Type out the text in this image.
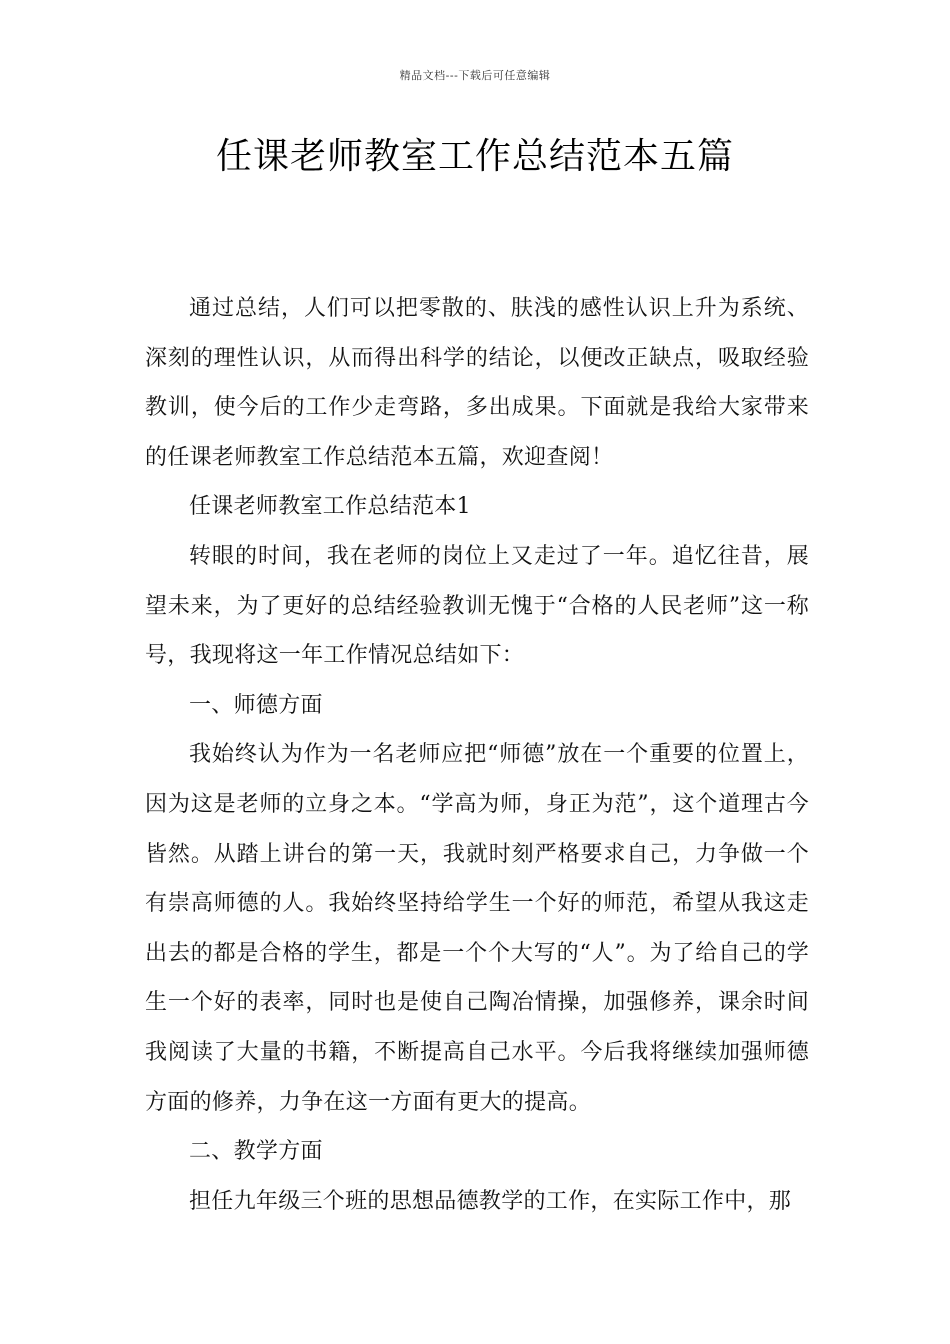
精品文档---下载后可任意编辑
任课老师教室工作总结范本五篇

通过总结，人们可以把零散的、肤浅的感性认识上升为系统、深刻的理性认识，从而得出科学的结论，以便改正缺点，吸取经验教训，使今后的工作少走弯路，多出成果。下面就是我给大家带来的任课老师教室工作总结范本五篇，欢迎查阅！

任课老师教室工作总结范本1

转眼的时间，我在老师的岗位上又走过了一年。追忆往昔，展望未来，为了更好的总结经验教训无愧于“合格的人民老师”这一称号，我现将这一年工作情况总结如下：

一、师德方面

我始终认为作为一名老师应把“师德”放在一个重要的位置上，因为这是老师的立身之本。“学高为师，身正为范”，这个道理古今皆然。从踏上讲台的第一天，我就时刻严格要求自己，力争做一个有崇高师德的人。我始终坚持给学生一个好的师范，希望从我这走出去的都是合格的学生，都是一个个大写的“人”。为了给自己的学生一个好的表率，同时也是使自己陶冶情操，加强修养，课余时间我阅读了大量的书籍，不断提高自己水平。今后我将继续加强师德方面的修养，力争在这一方面有更大的提高。

二、教学方面

担任九年级三个班的思想品德教学的工作，在实际工作中，那
